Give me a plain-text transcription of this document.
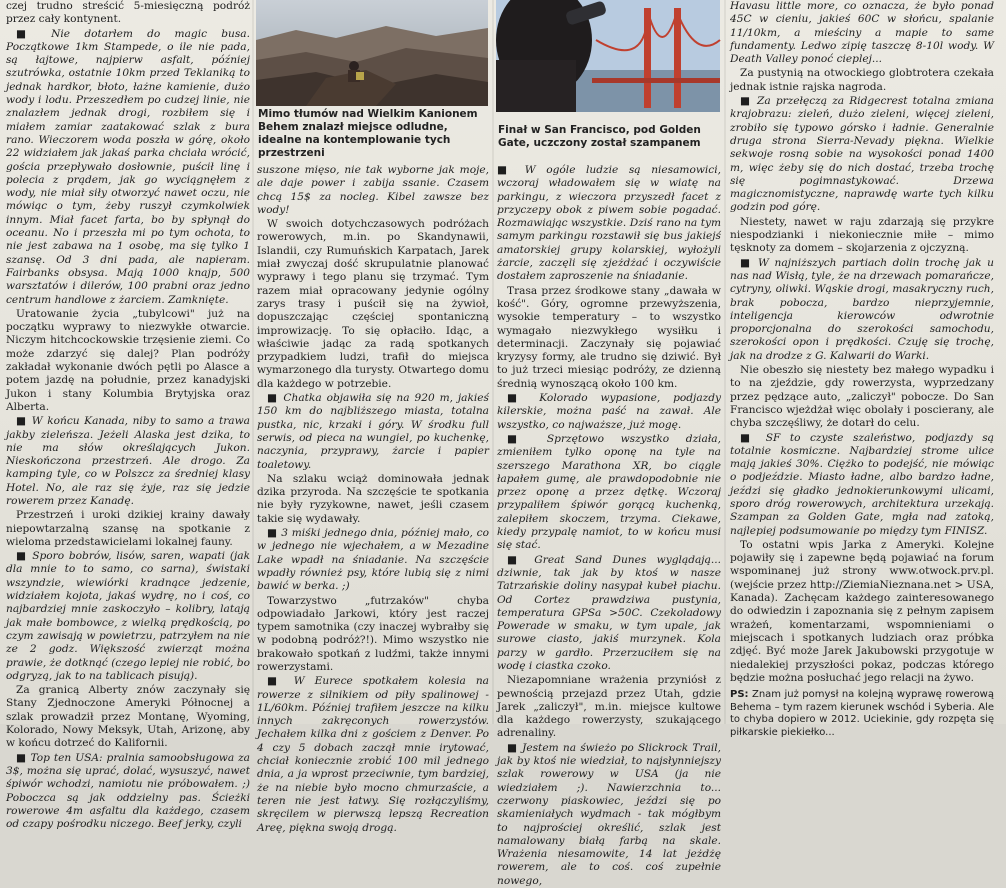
czej trudno streścić 5-miesięczną podróż przez cały kontynent.

■ Nie dotarłem do magic busa. Początkowe 1km Stampede, o ile nie pada, są łajtowe, najpierw asfalt, później szutrówka, ostatnie 10km przed Teklaniką to jednak hardkor, błoto, łażne kamienie, dużo wody i lodu. Przeszedłem po cudzej linie, nie znalazłem jednak drogi, rozbiłem się i miałem zamiar zaatakować szlak z bura rano. Wieczorem woda poszła w górę, około 22 widziałem jak jakaś parka chciała wrócić, gościa przepływało dosłownie, puścił linę i polecia z prądem, jak go wyciągnęłem z wody, nie miał siły otworzyć nawet oczu, nie mówiąc o tym, żeby ruszył czymkolwiek innym. Miał facet farta, bo by spłynął do oceanu. No i przeszła mi po tym ochota, to nie jest zabawa na 1 osobę, ma się tylko 1 szansę. Od 3 dni pada, ale napieram. Fairbanks obsysa. Mają 1000 knajp, 500 warsztatów i dilerów, 100 prabni oraz jedno centrum handlowe z żarciem. Zamknięte.

Uratowanie życia „tubylcowi" już na początku wyprawy to niezwykłe otwarcie. Niczym hitchcockowskie trzęsienie ziemi. Co może zdarzyć się dalej? Plan podróży zakładał wykonanie dwóch pętli po Alasce a potem jazdę na południe, przez kanadyjski Jukon i stany Kolumbia Brytyjska oraz Alberta.

■ W końcu Kanada, niby to samo a trawa jakby zieleńsza. Jeżeli Alaska jest dzika, to nie ma słów określających Jukon. Nieskończona przestrzeń. Ale drogo. Za kamping tyle, co w Polszcz za średniej klasy Hotel. No, ale raz się żyje, raz się jedzie rowerem przez Kanadę.

Przestrzeń i uroki dzikiej krainy dawały niepowtarzalną szansę na spotkanie z wieloma przedstawicielami lokalnej fauny.

■ Sporo bobrów, lisów, saren, wapati (jak dla mnie to to samo, co sarna), świstaki wszyndzie, wiewiórki kradnące jedzenie, widziałem kojota, jakaś wydrę, no i coś, co najbardziej mnie zaskoczyło – kolibry, latają jak małe bombowce, z wielką prędkością, po czym zawisają w powietrzu, patrzyłem na nie ze 2 godz. Większość zwierząt można prawie, że dotknąć (czego lepiej nie robić, bo odgryzą, jak to na tablicach pisują).

Za granicą Alberty znów zaczynały się Stany Zjednoczone Ameryki Północnej a szlak prowadził przez Montanę, Wyoming, Kolorado, Nowy Meksyk, Utah, Arizonę, aby w końcu dotrzeć do Kalifornii.

■ Top ten USA: pralnia samoobsługowa za 3$, można się uprać, dolać, wysuszyć, nawet śpiwór wchodzi, namiotu nie próbowałem. ;) Poboczca są jak oddzielny pas. Ścieżki rowerowe 4m asfaltu dla każdego, czasem od czapy pośrodku niczego. Beef jerky, czyli

Mimo tłumów nad Wielkim Kanionem Behem znalazł miejsce odludne, idealne na kontemplowanie tych przestrzeni

suszone mięso, nie tak wyborne jak moje, ale daje power i zabija ssanie. Czasem chcą 15$ za nocleg. Kibel zawsze bez wody!

W swoich dotychczasowych podróżach rowerowych, m.in. po Skandynawii, Islandii, czy Rumuńskich Karpatach, Jarek miał zwyczaj dość skrupulatnie planować wyprawy i tego planu się trzymać. Tym razem miał opracowany jedynie ogólny zarys trasy i puścił się na żywioł, dopuszczając częściej spontaniczną improwizację. To się opłaciło. Idąc, a właściwie jadąc za radą spotkanych przypadkiem ludzi, trafił do miejsca wymarzonego dla turysty. Otwartego domu dla każdego w potrzebie.

■ Chatka objawiła się na 920 m, jakieś 150 km do najbliższego miasta, totalna pustka, nic, krzaki i góry. W środku full serwis, od pieca na wungiel, po kuchenkę, naczynia, przyprawy, żarcie i papier toaletowy.

Na szlaku wciąż dominowała jednak dzika przyroda. Na szczęście te spotkania nie były ryzykowne, nawet, jeśli czasem takie się wydawały.

■ 3 miśki jednego dnia, później mało, co w jednego nie wjechałem, a w Mezadine Lake wpadł na śniadanie. Na szczęście wpadły również psy, które lubią się z nimi bawić w berka. ;)

Towarzystwo „futrzaków" chyba odpowiadało Jarkowi, który jest raczej typem samotnika (czy inaczej wybrałby się w podobną podróż?!). Mimo wszystko nie brakowało spotkań z ludźmi, także innymi rowerzystami.

■ W Eurece spotkałem kolesia na rowerze z silnikiem od piły spalinowej - 1L/60km. Później trafiłem jeszcze na kilku innych zakręconych rowerzystów. Jechałem kilka dni z gościem z Denver. Po 4 czy 5 dobach zaczął mnie irytować, chciał koniecznie zrobić 100 mil jednego dnia, a ja wprost przeciwnie, tym bardziej, że na niebie było mocno chmurzaście, a teren nie jest łatwy. Się rozłączyliśmy, skręcilem w pierwszą lepszą Recreation Areę, piękna swoją drogą.

Finał w San Francisco, pod Golden Gate, uczczony został szampanem

■ W ogóle ludzie są niesamowici, wczoraj władowałem się w wiatę na parkingu, z wieczora przyszedł facet z przyczepy obok z piwem sobie pogadać. Rozmawiając wszystkie. Dziś rano na tym samym parkingu rozstawił się bus jakiejś amatorskiej grupy kolarskiej, wyłożyli żarcie, zaczęli się zjeżdżać i oczywiście dostałem zaproszenie na śniadanie.

Trasa przez środkowe stany „dawała w kość". Góry, ogromne przewyższenia, wysokie temperatury – to wszystko wymagało niezwykłego wysiłku i determinacji. Zaczynały się pojawiać kryzysy formy, ale trudno się dziwić. Był to już trzeci miesiąc podróży, ze dzienną średnią wynoszącą około 100 km.

■ Kolorado wypasione, podjazdy kilerskie, można paść na zawał. Ale wszystko, co najważsze, już mogę.

■ Sprzętowo wszystko działa, zmieniłem tylko oponę na tyle na szerszego Marathona XR, bo ciągle łapałem gumę, ale prawdopodobnie nie przez oponę a przez dętkę. Wczoraj przypaliłem śpiwór gorącą kuchenką, zalepiłem skoczem, trzyma. Ciekawe, kiedy przypalę namiot, to w końcu musi się stać.

■ Great Sand Dunes wyglądają... dziwnie, tak jak by ktoś w nasze Tatrzańskie doliny nasypał kubeł piachu. Od Cortez prawdziwa pustynia, temperatura GPSa >50C. Czekoladowy Powerade w smaku, w tym upale, jak surowe ciasto, jakiś murzynek. Kola parzy w gardło. Przerzuciłem się na wodę i ciastka czoko.

Niezapomniane wrażenia przyniósł z pewnością przejazd przez Utah, gdzie Jarek „zaliczył", m.in. miejsce kultowe dla każdego rowerzysty, szukającego adrenaliny.

■ Jestem na świeżo po Slickrock Trail, jak by ktoś nie wiedział, to najsłynniejszy szlak rowerowy w USA (ja nie wiedziałem ;). Nawierzchnia to... czerwony piaskowiec, jeździ się po skamieniałych wydmach - tak mógłbym to najprościej określić, szlak jest namalowany białą farbą na skale. Wrażenia niesamowite, 14 lat jeżdżę rowerem, ale to coś. coś zupełnie nowego,

Havasu little more, co oznacza, że było ponad 45C w cieniu, jakieś 60C w słońcu, spalanie 11/10km, a mieściny a mapie to same fundamenty. Ledwo zipię taszczę 8-10l wody. W Death Valley ponoć cieplej...

Za pustynią na otwockiego globtrotera czekała jednak istnie rajska nagroda.

■ Za przełęczą za Ridgecrest totalna zmiana krajobrazu: zieleń, dużo zieleni, więcej zieleni, zrobiło się typowo górsko i ładnie. Generalnie druga strona Sierra-Nevady piękna. Wielkie sekwoje rosną sobie na wysokości ponad 1400 m, więc żeby się do nich dostać, trzeba trochę się pogimnastykować. Drzewa magicznomistyczne, naprawdę warte tych kilku godzin pod górę.

Niestety, nawet w raju zdarzają się przykre niespodzianki i niekoniecznie miłe – mimo tęsknoty za domem – skojarzenia z ojczyzną.

■ W najniższych partiach dolin trochę jak u nas nad Wisłą, tyle, że na drzewach pomarańcze, cytryny, oliwki. Wąskie drogi, masakryczny ruch, brak pobocza, bardzo nieprzyjemnie, inteligencja kierowców odwrotnie proporcjonalna do szerokości samochodu, szerokości opon i prędkości. Czuję się trochę, jak na drodze z G. Kalwarii do Warki.

Nie obeszło się niestety bez małego wypadku i to na zjeździe, gdy rowerzysta, wyprzedzany przez pędzące auto, „zaliczył" pobocze. Do San Francisco wjeżdżał więc obolały i poscierany, ale chyba szczęśliwy, że dotarł do celu.

■ SF to czyste szaleństwo, podjazdy są totalnie kosmiczne. Najbardziej strome ulice mają jakieś 30%. Ciężko to podejść, nie mówiąc o podjeździe. Miasto ładne, albo bardzo ładne, jeździ się gładko jednokierunkowymi ulicami, sporo dróg rowerowych, architektura urzekają. Szampan za Golden Gate, mgła nad zatoką, najlepiej podsumowanie po między tym FINISZ.

To ostatni wpis Jarka z Ameryki. Kolejne pojawiły się i zapewne będą pojawiać na forum wspominanej już strony www.otwock.prv.pl. (wejście przez http://ZiemiaNieznana.net > USA, Kanada). Zachęcam każdego zainteresowanego do odwiedzin i zapoznania się z pełnym zapisem wrażeń, komentarzami, wspomnieniami o miejscach i spotkanych ludziach oraz próbka zdjęć. Być może Jarek Jakubowski przygotuje w niedalekiej przyszłości pokaz, podczas którego będzie można posłuchać jego relacji na żywo.

PS: Znam już pomysł na kolejną wyprawę rowerową Behema – tym razem kierunek wschód i Syberia. Ale to chyba dopiero w 2012. Uciekinie, gdy rozpęta się piłkarskie piekiełko...
